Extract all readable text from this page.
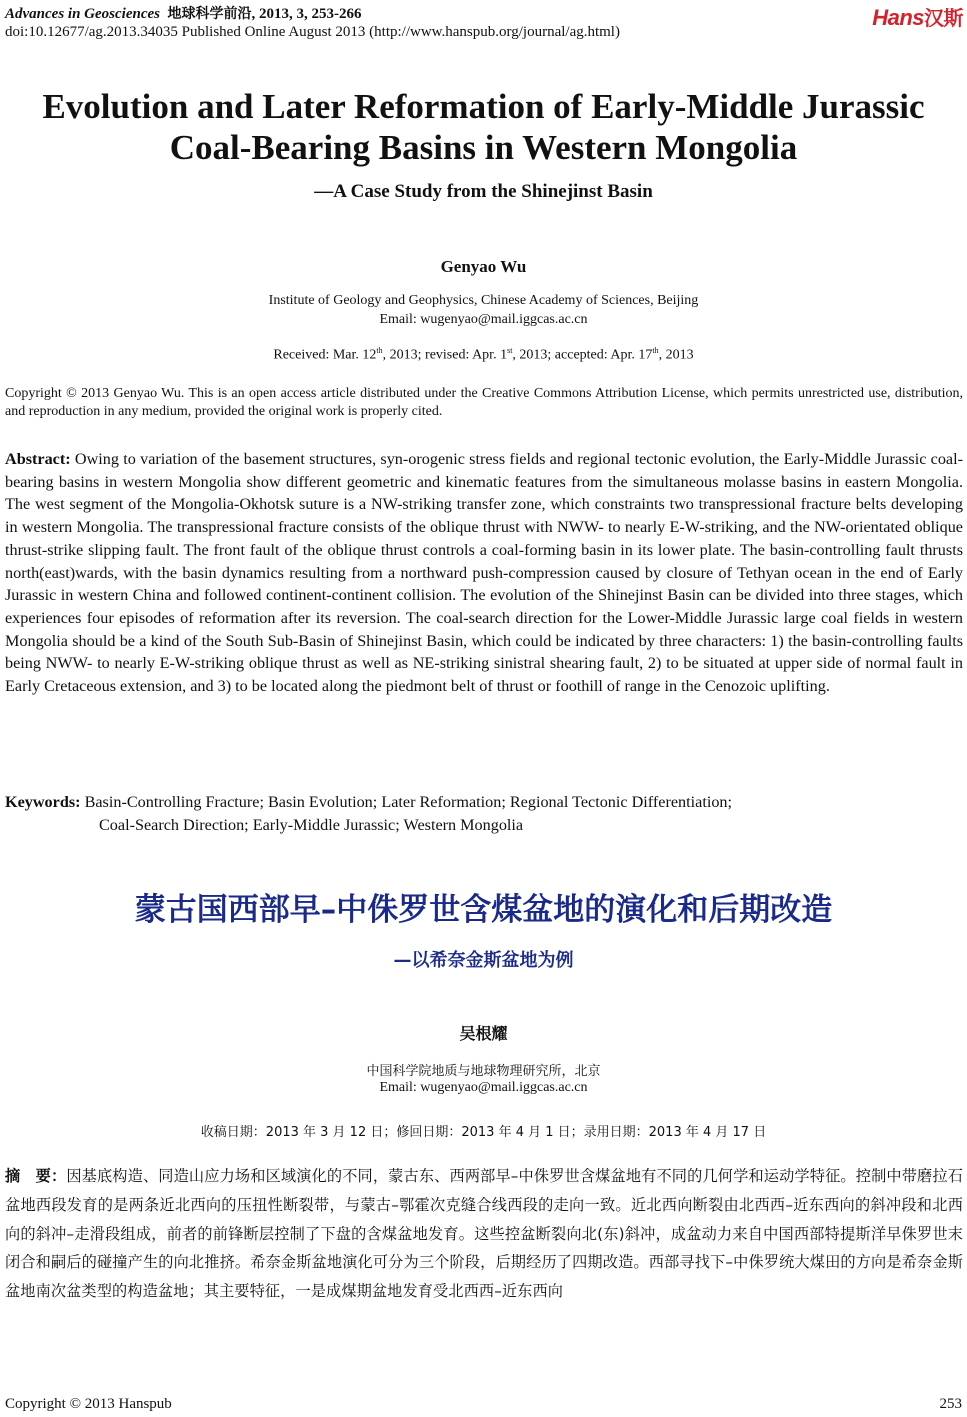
Advances in Geosciences 地球科学前沿, 2013, 3, 253-266
doi:10.12677/ag.2013.34035 Published Online August 2013 (http://www.hanspub.org/journal/ag.html)
Hans汉斯
Evolution and Later Reformation of Early-Middle Jurassic
Coal-Bearing Basins in Western Mongolia
—A Case Study from the Shinejinst Basin
Genyao Wu
Institute of Geology and Geophysics, Chinese Academy of Sciences, Beijing
Email: wugenyao@mail.iggcas.ac.cn
Received: Mar. 12th, 2013; revised: Apr. 1st, 2013; accepted: Apr. 17th, 2013
Copyright © 2013 Genyao Wu. This is an open access article distributed under the Creative Commons Attribution License, which permits unrestricted use, distribution, and reproduction in any medium, provided the original work is properly cited.
Abstract: Owing to variation of the basement structures, syn-orogenic stress fields and regional tectonic evolution, the Early-Middle Jurassic coal-bearing basins in western Mongolia show different geometric and kinematic features from the simultaneous molasse basins in eastern Mongolia. The west segment of the Mongolia-Okhotsk suture is a NW-striking transfer zone, which constraints two transpressional fracture belts developing in western Mongolia. The transpressional fracture consists of the oblique thrust with NWW- to nearly E-W-striking, and the NW-orientated oblique thrust-strike slipping fault. The front fault of the oblique thrust controls a coal-forming basin in its lower plate. The basin-controlling fault thrusts north(east)wards, with the basin dynamics resulting from a northward push-compression caused by closure of Tethyan ocean in the end of Early Jurassic in western China and followed continent-continent collision. The evolution of the Shinejinst Basin can be divided into three stages, which experiences four episodes of reformation after its reversion. The coal-search direction for the Lower-Middle Jurassic large coal fields in western Mongolia should be a kind of the South Sub-Basin of Shinejinst Basin, which could be indicated by three characters: 1) the basin-controlling faults being NWW- to nearly E-W-striking oblique thrust as well as NE-striking sinistral shearing fault, 2) to be situated at upper side of normal fault in Early Cretaceous extension, and 3) to be located along the piedmont belt of thrust or foothill of range in the Cenozoic uplifting.
Keywords: Basin-Controlling Fracture; Basin Evolution; Later Reformation; Regional Tectonic Differentiation;
Coal-Search Direction; Early-Middle Jurassic; Western Mongolia
蒙古国西部早–中侏罗世含煤盆地的演化和后期改造
—以希奈金斯盆地为例
吴根耀
中国科学院地质与地球物理研究所，北京
Email: wugenyao@mail.iggcas.ac.cn
收稿日期：2013 年 3 月 12 日；修回日期：2013 年 4 月 1 日；录用日期：2013 年 4 月 17 日
摘　要：因基底构造、同造山应力场和区域演化的不同，蒙古东、西两部早–中侏罗世含煤盆地有不同的几何学和运动学特征。控制中带磨拉石盆地西段发育的是两条近北西向的压扭性断裂带，与蒙古–鄂霍次克缝合线西段的走向一致。近北西向断裂由北西西–近东西向的斜冲段和北西向的斜冲–走滑段组成，前者的前锋断层控制了下盘的含煤盆地发育。这些控盆断裂向北(东)斜冲，成盆动力来自中国西部特提斯洋早侏罗世末闭合和嗣后的碰撞产生的向北推挤。希奈金斯盆地演化可分为三个阶段，后期经历了四期改造。西部寻找下–中侏罗统大煤田的方向是希奈金斯盆地南次盆类型的构造盆地；其主要特征，一是成煤期盆地发育受北西西–近东西向
Copyright © 2013 Hanspub	253
